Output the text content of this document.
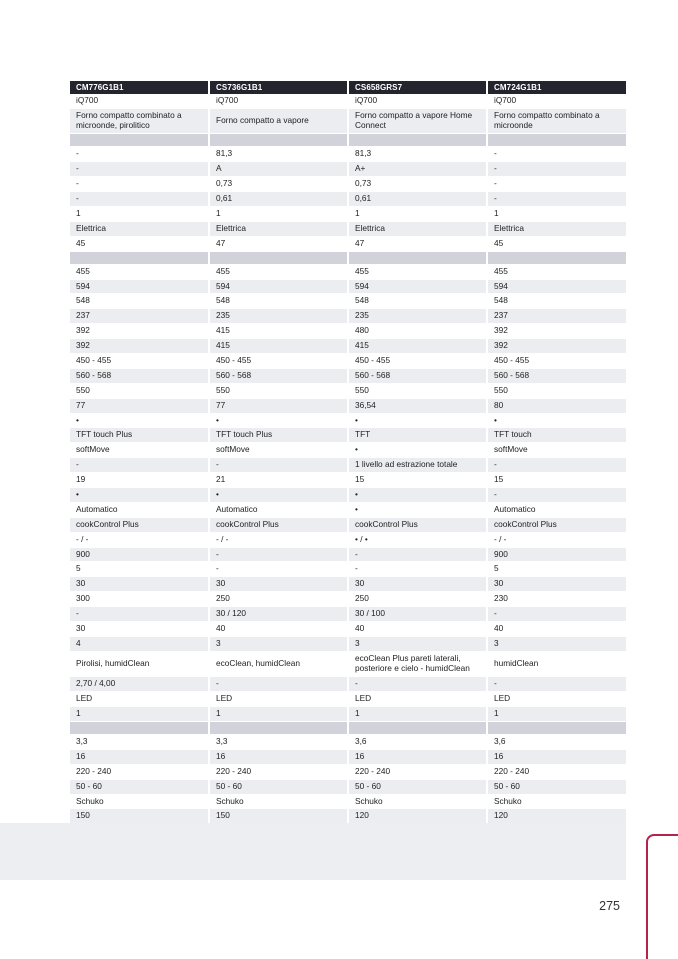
CM776G1B1	CS736G1B1	CS658GRS7	CM724G1B1
iQ700	iQ700	iQ700	iQ700
Forno compatto combinato a microonde, pirolitico	Forno compatto a vapore	Forno compatto a vapore Home Connect	Forno compatto combinato a microonde

-	81,3	81,3	-
-	A	A+	-
-	0,73	0,73	-
-	0,61	0,61	-
1	1	1	1
Elettrica	Elettrica	Elettrica	Elettrica
45	47	47	45

455	455	455	455
594	594	594	594
548	548	548	548
237	235	235	237
392	415	480	392
392	415	415	392
450 - 455	450 - 455	450 - 455	450 - 455
560 - 568	560 - 568	560 - 568	560 - 568
550	550	550	550
77	77	36,54	80
•	•	•	•
TFT touch Plus	TFT touch Plus	TFT	TFT touch
softMove	softMove	•	softMove
-	-	1 livello ad estrazione totale	-
19	21	15	15
•	•	•	-
Automatico	Automatico	•	Automatico
cookControl Plus	cookControl Plus	cookControl Plus	cookControl Plus
- / -	- / -	• / •	- / -
900	-	-	900
5	-	-	5
30	30	30	30
300	250	250	230
-	30 / 120	30 / 100	-
30	40	40	40
4	3	3	3
Pirolisi, humidClean	ecoClean, humidClean	ecoClean Plus pareti laterali, posteriore e cielo - humidClean	humidClean
2,70 / 4,00	-	-	-
LED	LED	LED	LED
1	1	1	1

3,3	3,3	3,6	3,6
16	16	16	16
220 - 240	220 - 240	220 - 240	220 - 240
50 - 60	50 - 60	50 - 60	50 - 60
Schuko	Schuko	Schuko	Schuko
150	150	120	120
275
